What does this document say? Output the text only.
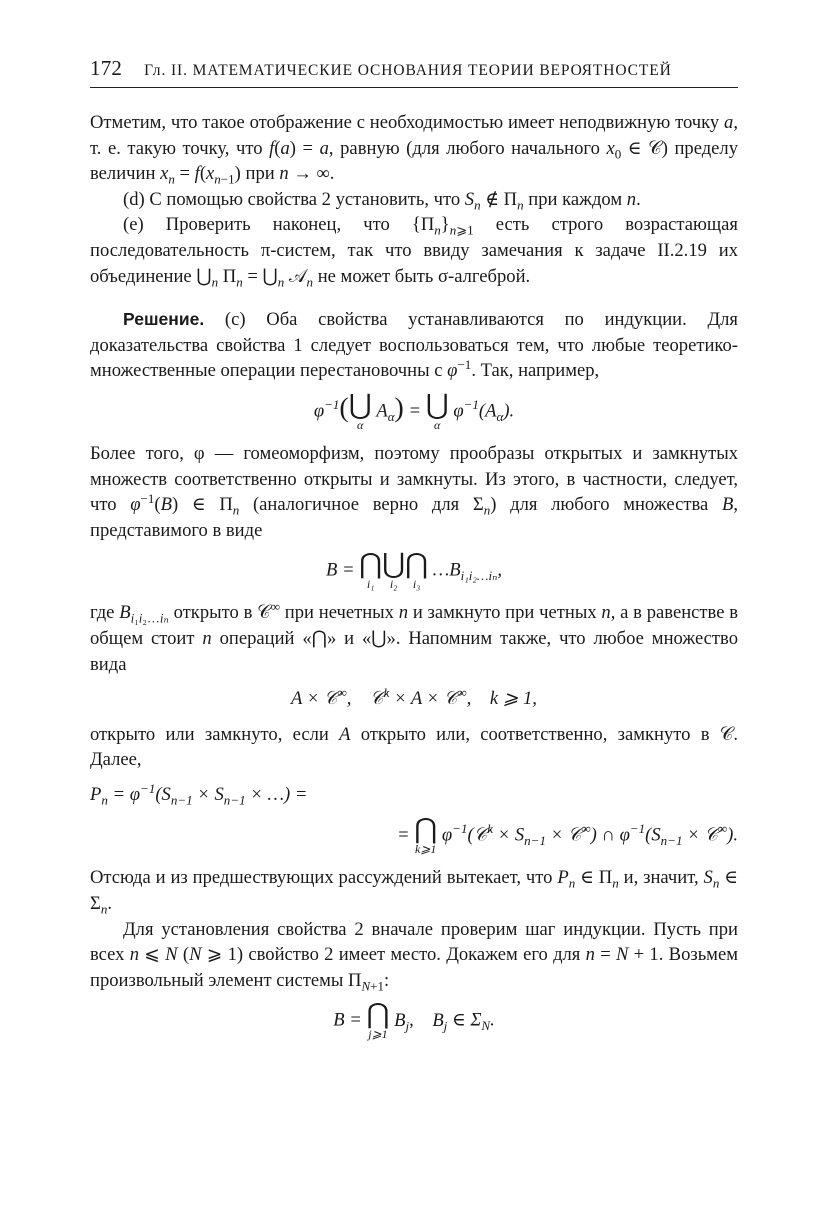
172 Гл. II. МАТЕМАТИЧЕСКИЕ ОСНОВАНИЯ ТЕОРИИ ВЕРОЯТНОСТЕЙ

Отметим, что такое отображение с необходимостью имеет неподвижную точку a, т. е. такую точку, что f(a) = a, равную (для любого начального $x_0$ ∈ 𝒞) пределу величин $x_n = f(x_{n-1})$ при n → ∞.

(d) С помощью свойства 2 установить, что $S_n$ ∉ $\Pi_n$ при каждом n.

(e) Проверить наконец, что $\{\Pi_n\}_{n⩾1}$ есть строго возрастающая последовательность π-систем, так что ввиду замечания к задаче II.2.19 их объединение $⋃_n$ $\Pi_n$ = $⋃_n$ 𝒜$_n$ не может быть σ-алгеброй.

Решение. (c) Оба свойства устанавливаются по индукции. Для доказательства свойства 1 следует воспользоваться тем, что любые теоретико-множественные операции перестановочны с $\varphi^{-1}$. Так, например,

$\varphi^{-1}$( ⋃
α
$A_\alpha$) = ⋃
α
$\varphi^{-1}(A_\alpha)$.

Более того, φ — гомеоморфизм, поэтому прообразы открытых и замкнутых множеств соответственно открыты и замкнуты. Из этого, в частности, следует, что $\varphi^{-1}(B)$ ∈ $\Pi_n$ (аналогичное верно для $\Sigma_n$) для любого множества B, представимого в виде

B = ⋂
i₁
⋃
i₂
⋂
i₃
$\dots B_{i_1i_2\dots i_n}$,

где $B_{i_1i_2\dots i_n}$ открыто в 𝒞∞ при нечетных n и замкнуто при четных n, а в равенстве в общем стоит n операций «⋂» и «⋃». Напомним также, что любое множество вида

A × 𝒞∞,    𝒞$^k$ × A × 𝒞∞,    k ⩾ 1,

открыто или замкнуто, если A открыто или, соответственно, замкнуто в 𝒞. Далее,

$P_n = \varphi^{-1}(S_{n-1} \times S_{n-1}$ × …) =
= ⋂
k⩾1
$\varphi^{-1}(𝒞^k \times S_{n-1}$ × 𝒞∞) ∩ $\varphi^{-1}(S_{n-1}$ × 𝒞∞).

Отсюда и из предшествующих рассуждений вытекает, что $P_n$ ∈ $\Pi_n$ и, значит, $S_n$ ∈ $\Sigma_n$.

Для установления свойства 2 вначале проверим шаг индукции. Пусть при всех n ⩽ N (N ⩾ 1) свойство 2 имеет место. Докажем его для n = N + 1. Возьмем произвольный элемент системы $\Pi_{N+1}$:

B = ⋂
j⩾1
$B_j$,    $B_j$ ∈ $\Sigma_N$.
